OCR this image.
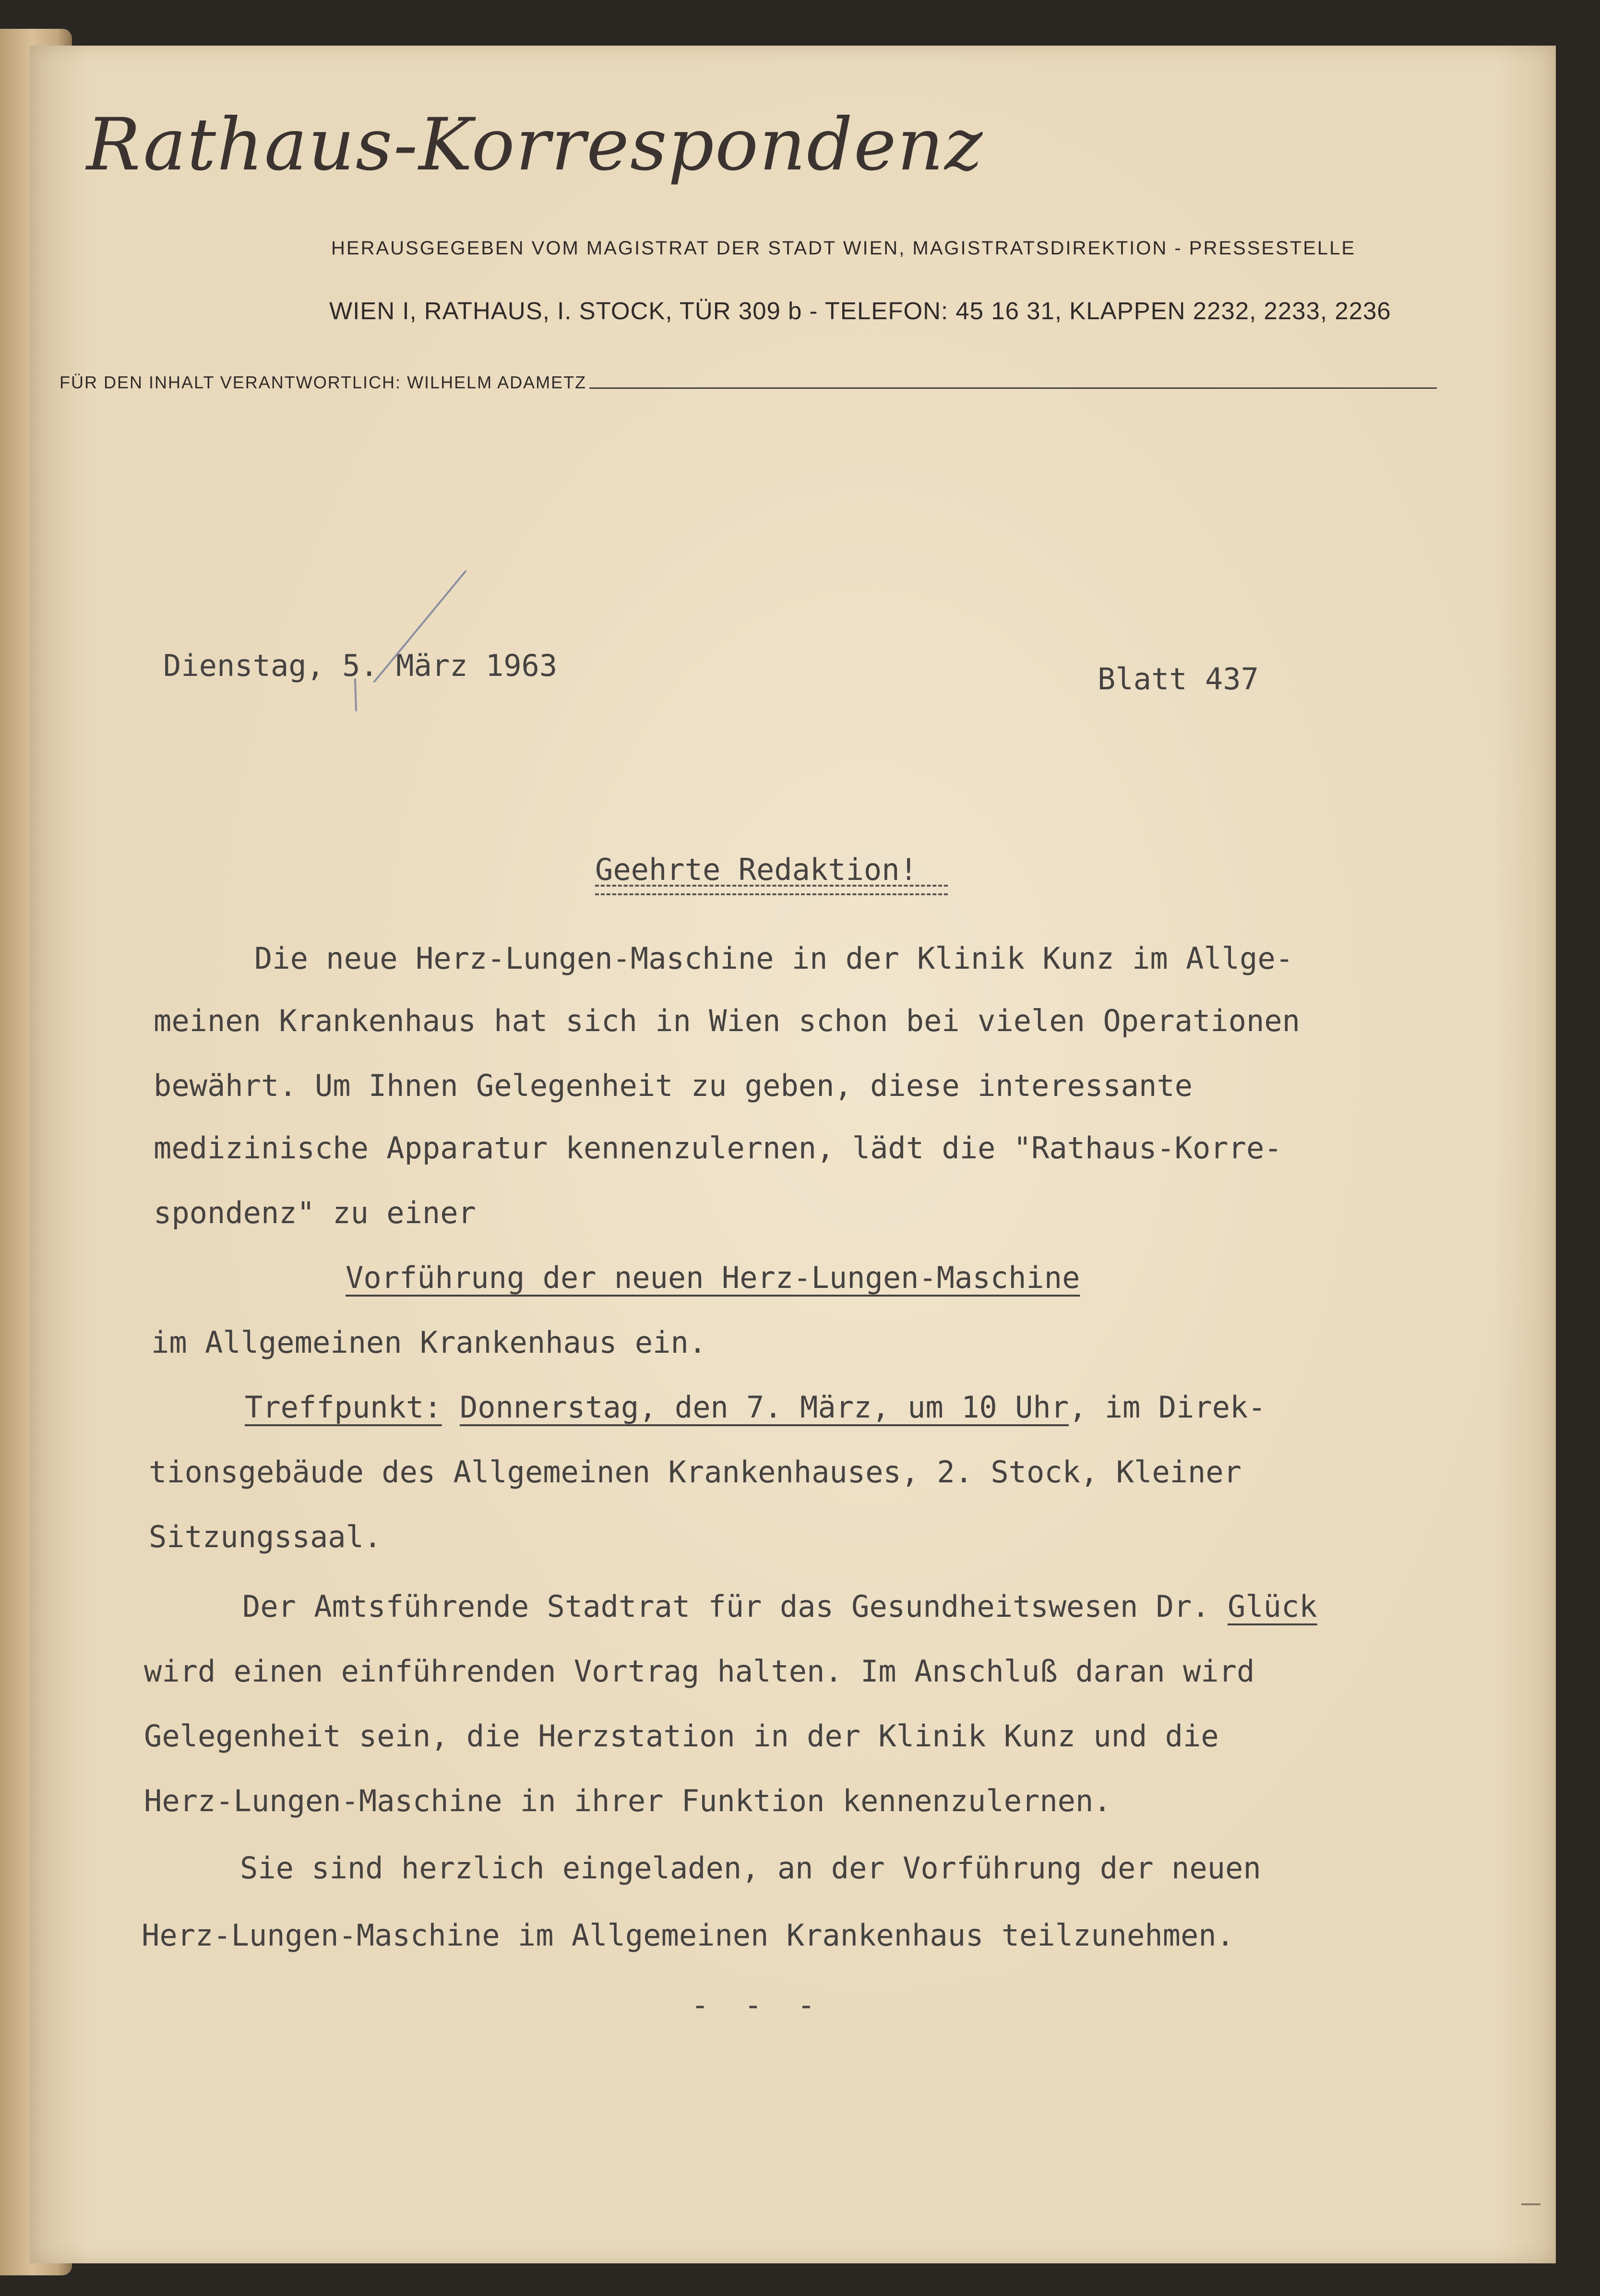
Rathaus-Korrespondenz
HERAUSGEGEBEN VOM MAGISTRAT DER STADT WIEN, MAGISTRATSDIREKTION - PRESSESTELLE
WIEN I, RATHAUS, I. STOCK, TÜR 309 b - TELEFON: 45 16 31, KLAPPEN 2232, 2233, 2236
FÜR DEN INHALT VERANTWORTLICH: WILHELM ADAMETZ
Dienstag, 5. März 1963	Blatt 437
Geehrte Redaktion!
Die neue Herz-Lungen-Maschine in der Klinik Kunz im Allge-
meinen Krankenhaus hat sich in Wien schon bei vielen Operationen
bewährt. Um Ihnen Gelegenheit zu geben, diese interessante
medizinische Apparatur kennenzulernen, lädt die "Rathaus-Korre-
spondenz" zu einer
Vorführung der neuen Herz-Lungen-Maschine
im Allgemeinen Krankenhaus ein.
Treffpunkt: Donnerstag, den 7. März, um 10 Uhr, im Direk-
tionsgebäude des Allgemeinen Krankenhauses, 2. Stock, Kleiner
Sitzungssaal.
Der Amtsführende Stadtrat für das Gesundheitswesen Dr. Glück
wird einen einführenden Vortrag halten. Im Anschluß daran wird
Gelegenheit sein, die Herzstation in der Klinik Kunz und die
Herz-Lungen-Maschine in ihrer Funktion kennenzulernen.
Sie sind herzlich eingeladen, an der Vorführung der neuen
Herz-Lungen-Maschine im Allgemeinen Krankenhaus teilzunehmen.
- - -
